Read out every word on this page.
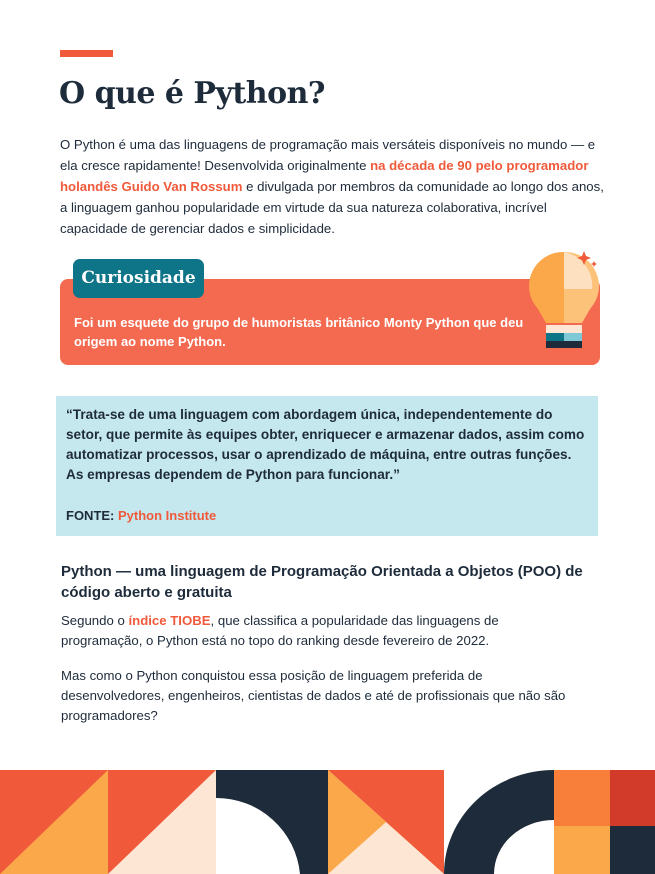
O que é Python?

O Python é uma das linguagens de programação mais versáteis disponíveis no mundo — e ela cresce rapidamente! Desenvolvida originalmente na década de 90 pelo programador holandês Guido Van Rossum e divulgada por membros da comunidade ao longo dos anos, a linguagem ganhou popularidade em virtude da sua natureza colaborativa, incrível capacidade de gerenciar dados e simplicidade.

Curiosidade

Foi um esquete do grupo de humoristas britânico Monty Python que deu origem ao nome Python.

“Trata-se de uma linguagem com abordagem única, independentemente do setor, que permite às equipes obter, enriquecer e armazenar dados, assim como automatizar processos, usar o aprendizado de máquina, entre outras funções. As empresas dependem de Python para funcionar.”

FONTE: Python Institute

Python — uma linguagem de Programação Orientada a Objetos (POO) de código aberto e gratuita

Segundo o índice TIOBE, que classifica a popularidade das linguagens de programação, o Python está no topo do ranking desde fevereiro de 2022.

Mas como o Python conquistou essa posição de linguagem preferida de desenvolvedores, engenheiros, cientistas de dados e até de profissionais que não são programadores?
